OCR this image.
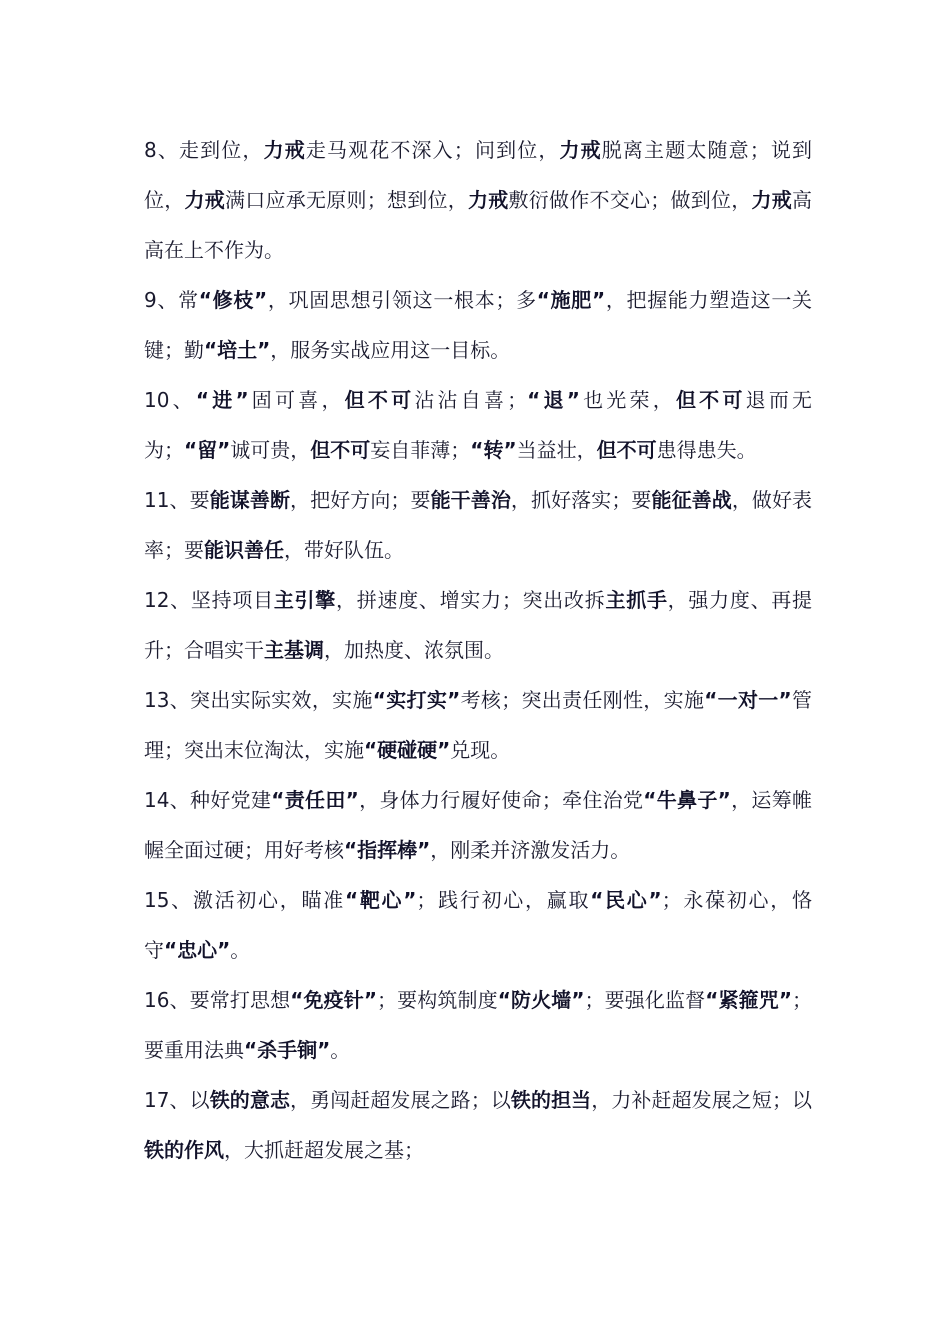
8、走到位，力戒走马观花不深入；问到位，力戒脱离主题太随意；说到位，力戒满口应承无原则；想到位，力戒敷衍做作不交心；做到位，力戒高高在上不作为。

9、常“修枝”，巩固思想引领这一根本；多“施肥”，把握能力塑造这一关键；勤“培土”，服务实战应用这一目标。

10、“进”固可喜，但不可沾沾自喜；“退”也光荣，但不可退而无为；“留”诚可贵，但不可妄自菲薄；“转”当益壮，但不可患得患失。

11、要能谋善断，把好方向；要能干善治，抓好落实；要能征善战，做好表率；要能识善任，带好队伍。

12、坚持项目主引擎，拼速度、增实力；突出改拆主抓手，强力度、再提升；合唱实干主基调，加热度、浓氛围。

13、突出实际实效，实施“实打实”考核；突出责任刚性，实施“一对一”管理；突出末位淘汰，实施“硬碰硬”兑现。

14、种好党建“责任田”，身体力行履好使命；牵住治党“牛鼻子”，运筹帷幄全面过硬；用好考核“指挥棒”，刚柔并济激发活力。

15、激活初心，瞄准“靶心”；践行初心，赢取“民心”；永葆初心，恪守“忠心”。

16、要常打思想“免疫针”；要构筑制度“防火墙”；要强化监督“紧箍咒”；要重用法典“杀手锏”。

17、以铁的意志，勇闯赶超发展之路；以铁的担当，力补赶超发展之短；以铁的作风，大抓赶超发展之基；
